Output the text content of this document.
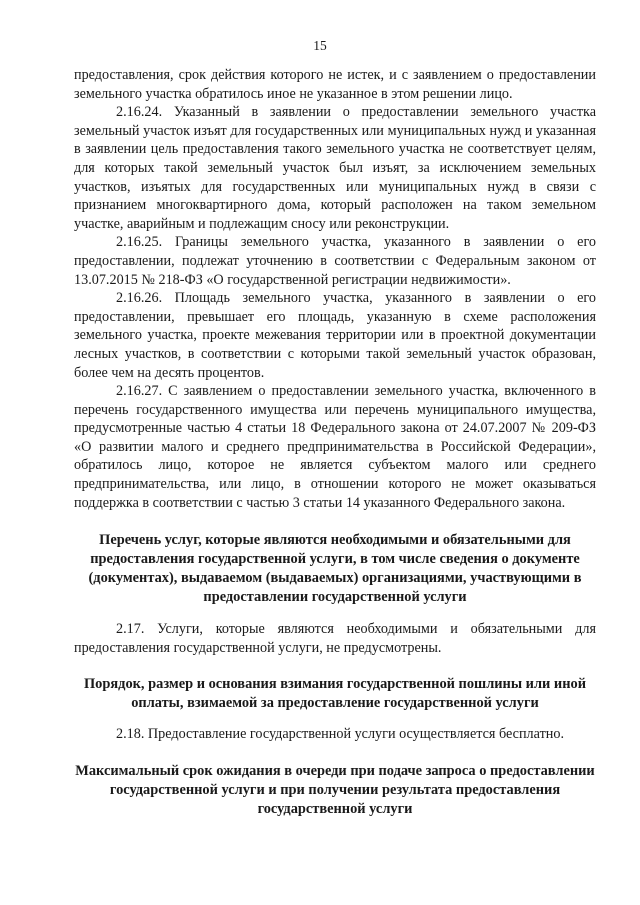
15

предоставления, срок действия которого не истек, и с заявлением о предоставлении земельного участка обратилось иное не указанное в этом решении лицо.

2.16.24. Указанный в заявлении о предоставлении земельного участка земельный участок изъят для государственных или муниципальных нужд и указанная в заявлении цель предоставления такого земельного участка не соответствует целям, для которых такой земельный участок был изъят, за исключением земельных участков, изъятых для государственных или муниципальных нужд в связи с признанием многоквартирного дома, который расположен на таком земельном участке, аварийным и подлежащим сносу или реконструкции.

2.16.25. Границы земельного участка, указанного в заявлении о его предоставлении, подлежат уточнению в соответствии с Федеральным законом от 13.07.2015 № 218-ФЗ «О государственной регистрации недвижимости».

2.16.26. Площадь земельного участка, указанного в заявлении о его предоставлении, превышает его площадь, указанную в схеме расположения земельного участка, проекте межевания территории или в проектной документации лесных участков, в соответствии с которыми такой земельный участок образован, более чем на десять процентов.

2.16.27. С заявлением о предоставлении земельного участка, включенного в перечень государственного имущества или перечень муниципального имущества, предусмотренные частью 4 статьи 18 Федерального закона от 24.07.2007 № 209-ФЗ «О развитии малого и среднего предпринимательства в Российской Федерации», обратилось лицо, которое не является субъектом малого или среднего предпринимательства, или лицо, в отношении которого не может оказываться поддержка в соответствии с частью 3 статьи 14 указанного Федерального закона.

Перечень услуг, которые являются необходимыми и обязательными для предоставления государственной услуги, в том числе сведения о документе (документах), выдаваемом (выдаваемых) организациями, участвующими в предоставлении государственной услуги

2.17. Услуги, которые являются необходимыми и обязательными для предоставления государственной услуги, не предусмотрены.

Порядок, размер и основания взимания государственной пошлины или иной оплаты, взимаемой за предоставление государственной услуги

2.18. Предоставление государственной услуги осуществляется бесплатно.

Максимальный срок ожидания в очереди при подаче запроса о предоставлении государственной услуги и при получении результата предоставления государственной услуги
